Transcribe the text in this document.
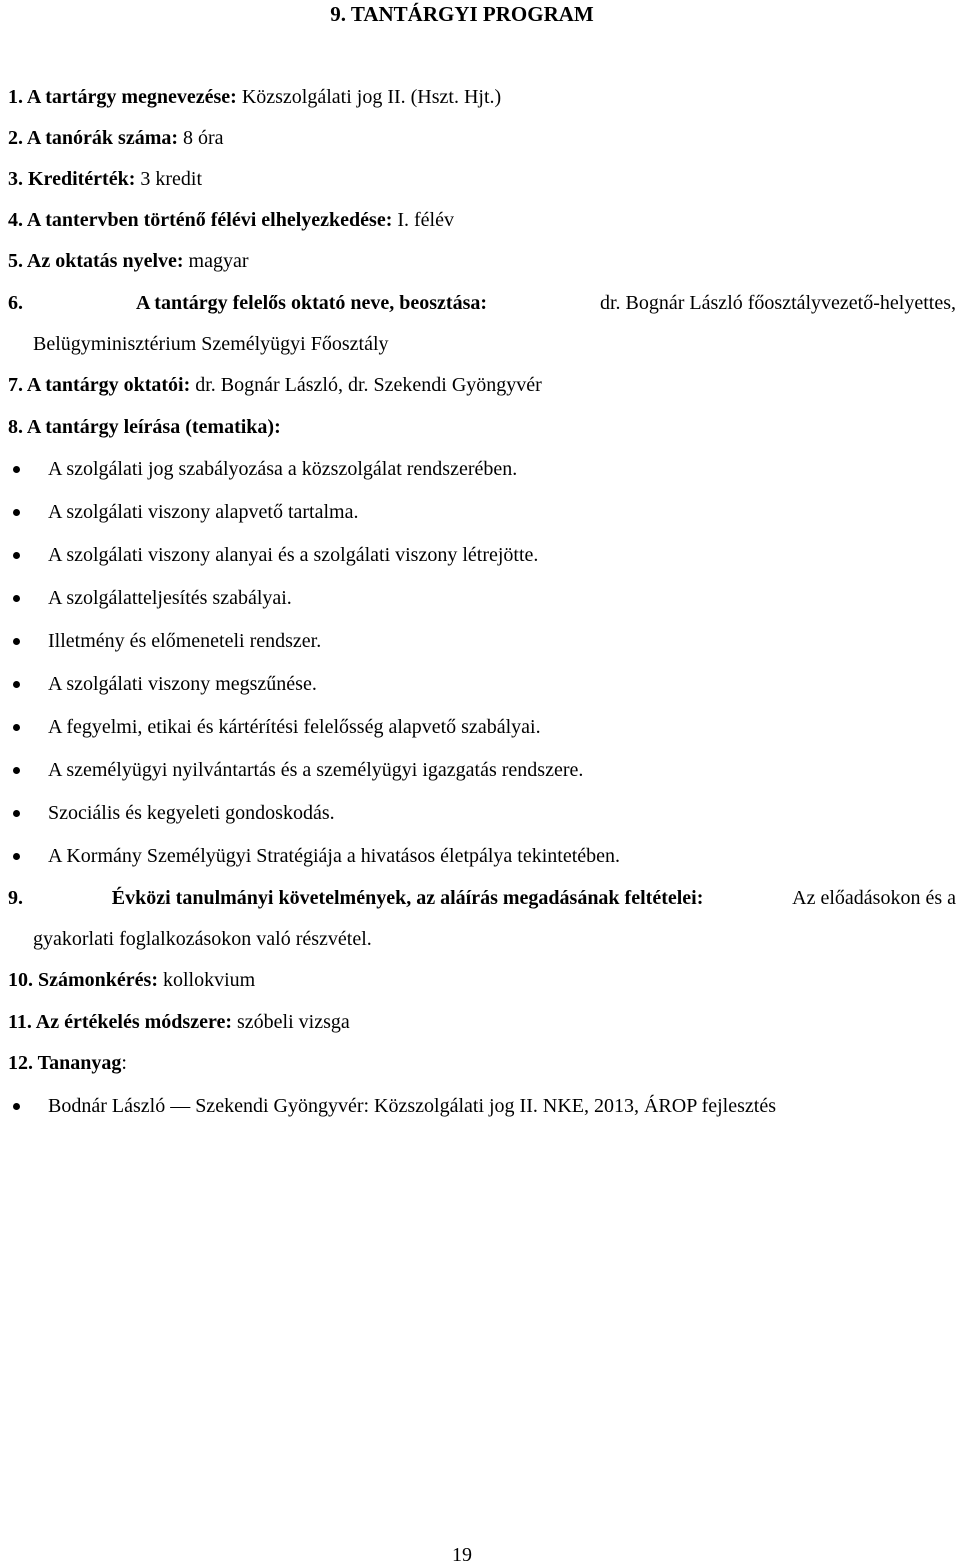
9. TANTÁRGYI PROGRAM
1. A tartárgy megnevezése: Közszolgálati jog II. (Hszt. Hjt.)
2. A tanórák száma: 8 óra
3. Kreditérték: 3 kredit
4. A tantervben történő félévi elhelyezkedése: I. félév
5. Az oktatás nyelve: magyar
6.	A tantárgy felelős oktató neve, beosztása:	dr. Bognár László főosztályvezető-helyettes,
Belügyminisztérium Személyügyi Főosztály
7. A tantárgy oktatói: dr. Bognár László, dr. Szekendi Gyöngyvér
8. A tantárgy leírása (tematika):
A szolgálati jog szabályozása a közszolgálat rendszerében.
A szolgálati viszony alapvető tartalma.
A szolgálati viszony alanyai és a szolgálati viszony létrejötte.
A szolgálatteljesítés szabályai.
Illetmény és előmeneteli rendszer.
A szolgálati viszony megszűnése.
A fegyelmi, etikai és kártérítési felelősség alapvető szabályai.
A személyügyi nyilvántartás és a személyügyi igazgatás rendszere.
Szociális és kegyeleti gondoskodás.
A Kormány Személyügyi Stratégiája a hivatásos életpálya tekintetében.
9.	Évközi tanulmányi követelmények, az aláírás megadásának feltételei:	Az előadásokon és a
gyakorlati foglalkozásokon való részvétel.
10. Számonkérés: kollokvium
11. Az értékelés módszere: szóbeli vizsga
12. Tananyag:
Bodnár László ― Szekendi Gyöngyvér: Közszolgálati jog II. NKE, 2013, ÁROP fejlesztés
19
